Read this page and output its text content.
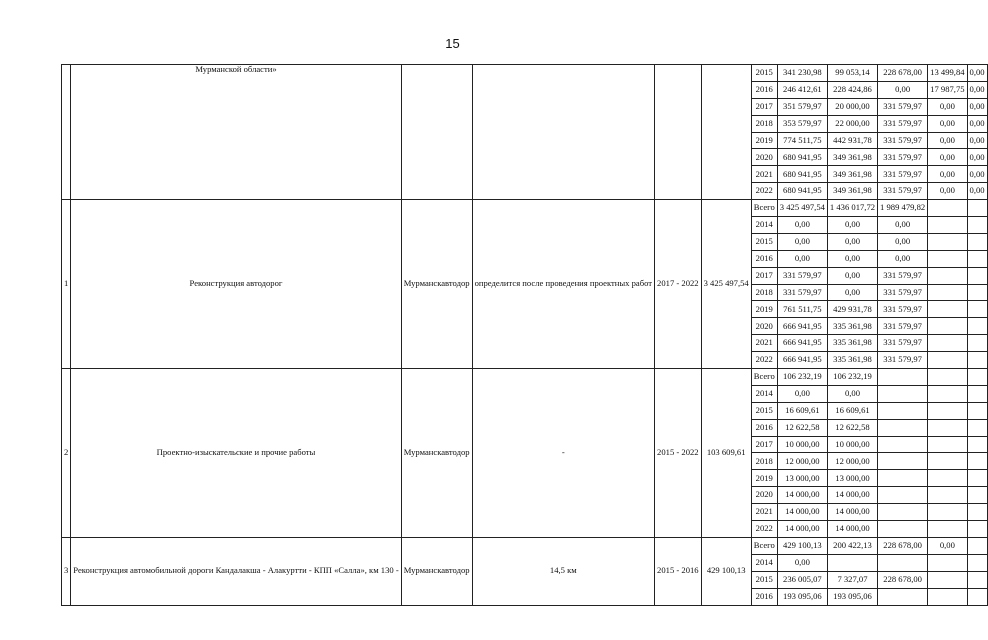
15
	Мурманской области»					2015	341 230,98	99 053,14	228 678,00	13 499,84	0,00
						2016	246 412,61	228 424,86	0,00	17 987,75	0,00
						2017	351 579,97	20 000,00	331 579,97	0,00	0,00
						2018	353 579,97	22 000,00	331 579,97	0,00	0,00
						2019	774 511,75	442 931,78	331 579,97	0,00	0,00
						2020	680 941,95	349 361,98	331 579,97	0,00	0,00
						2021	680 941,95	349 361,98	331 579,97	0,00	0,00
						2022	680 941,95	349 361,98	331 579,97	0,00	0,00
1	Реконструкция автодорог	Мурманскавтодор	определится после проведения проектных работ	2017 - 2022	3 425 497,54	Всего	3 425 497,54	1 436 017,72	1 989 479,82		
						2014	0,00	0,00	0,00		
						2015	0,00	0,00	0,00		
						2016	0,00	0,00	0,00		
						2017	331 579,97	0,00	331 579,97		
						2018	331 579,97	0,00	331 579,97		
						2019	761 511,75	429 931,78	331 579,97		
						2020	666 941,95	335 361,98	331 579,97		
						2021	666 941,95	335 361,98	331 579,97		
						2022	666 941,95	335 361,98	331 579,97		
2	Проектно-изыскательские и прочие работы	Мурманскавтодор	-	2015 - 2022	103 609,61	Всего	106 232,19	106 232,19			
						2014	0,00	0,00			
						2015	16 609,61	16 609,61			
						2016	12 622,58	12 622,58			
						2017	10 000,00	10 000,00			
						2018	12 000,00	12 000,00			
						2019	13 000,00	13 000,00			
						2020	14 000,00	14 000,00			
						2021	14 000,00	14 000,00			
						2022	14 000,00	14 000,00			
3	Реконструкция автомобильной дороги Кандалакша - Алакуртти - КПП «Салла», км 130 -	Мурманскавтодор	14,5 км	2015 - 2016	429 100,13	Всего	429 100,13	200 422,13	228 678,00	0,00	
						2014	0,00				
						2015	236 005,07	7 327,07	228 678,00		
						2016	193 095,06	193 095,06			
